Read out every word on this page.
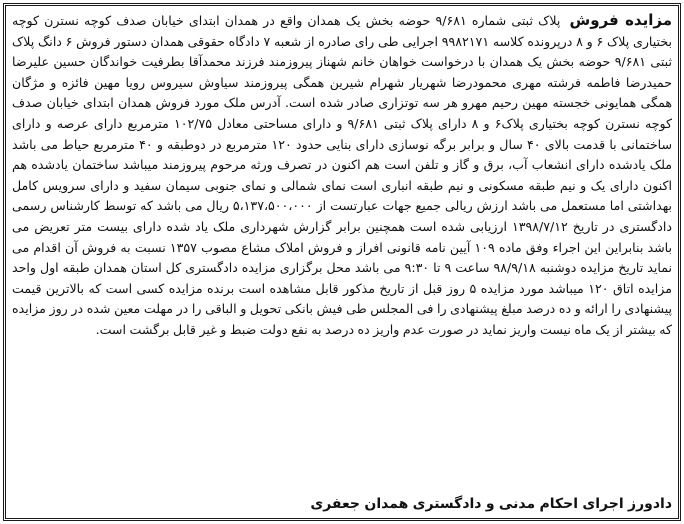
مزایده فروش پلاک ثبتی شماره ۹/۶۸۱ حوضه بخش یک همدان واقع در همدان ابتدای خیابان صدف کوچه نسترن کوچه بختیاری پلاک ۶ و ۸ درپرونده کلاسه ۹۹۸۲۱۷۱ اجرایی طی رای صادره از شعبه ۷ دادگاه حقوقی همدان دستور فروش ۶ دانگ پلاک ثبتی ۹/۶۸۱ حوضه بخش یک همدان با درخواست خواهان خانم شهناز پیروزمند فرزند محمدآقا بطرفیت خواندگان حسین علیرضا حمیدرضا فاطمه فرشته مهری محمودرضا شهریار شهرام شیرین همگی پیروزمند سیاوش سیروس رویا مهین فائزه و مژگان همگی همایونی خجسته مهین رحیم مهرو هر سه توتزاری صادر شده است. آدرس ملک مورد فروش همدان ابتدای خیابان صدف کوچه نسترن کوچه بختیاری پلاک۶ و ۸ دارای پلاک ثبتی ۹/۶۸۱ و دارای مساحتی معادل ۱۰۲/۷۵ مترمربع دارای عرصه و دارای ساختمانی با قدمت بالای ۴۰ سال و برابر برگه نوسازی دارای بنایی حدود ۱۲۰ مترمربع در دوطبقه و ۴۰ مترمربع حیاط می باشد ملک یادشده دارای انشعاب آب، برق و گاز و تلفن است هم اکنون در تصرف ورثه مرحوم پیروزمند میباشد ساختمان یادشده هم اکنون دارای یک و نیم طبقه مسکونی و نیم طبقه انباری است نمای شمالی و نمای جنوبی سیمان سفید و دارای سرویس کامل بهداشتی اما مستعمل می باشد ارزش ریالی جمیع جهات عبارتست از ۵،۱۳۷،۵۰۰،۰۰۰ ریال می باشد که توسط کارشناس رسمی دادگستری در تاریخ ۱۳۹۸/۷/۱۲ ارزیابی شده است همچنین برابر گزارش شهرداری ملک یاد شده دارای بیست متر تعریض می باشد بنابراین این اجراء وفق ماده ۱۰۹ آیین نامه قانونی افراز و فروش املاک مشاع مصوب ۱۳۵۷ نسبت به فروش آن اقدام می نماید تاریخ مزایده دوشنبه ۹۸/۹/۱۸ ساعت ۹ تا ۹:۳۰ می باشد محل برگزاری مزایده دادگستری کل استان همدان طبقه اول واحد مزایده اتاق ۱۲۰ میباشد مورد مزایده ۵ روز قبل از تاریخ مذکور قابل مشاهده است برنده مزایده کسی است که بالاترین قیمت پیشنهادی را ارائه و ده درصد مبلغ پیشنهادی را فی المجلس طی فیش بانکی تحویل و الباقی را در مهلت معین شده در روز مزایده که بیشتر از یک ماه نیست واریز نماید در صورت عدم واریز ده درصد به نفع دولت ضبط و غیر قابل برگشت است.
دادورز اجرای احکام مدنی و دادگستری همدان جعفری
